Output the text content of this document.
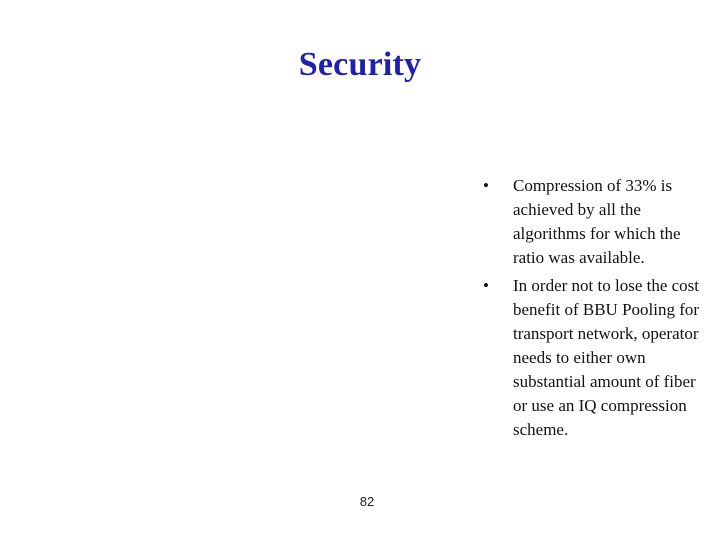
Security
• Compression of 33% is achieved by all the algorithms for which the ratio was available.
• In order not to lose the cost benefit of BBU Pooling for transport network, operator needs to either own substantial amount of fiber or use an IQ compression scheme.
82
